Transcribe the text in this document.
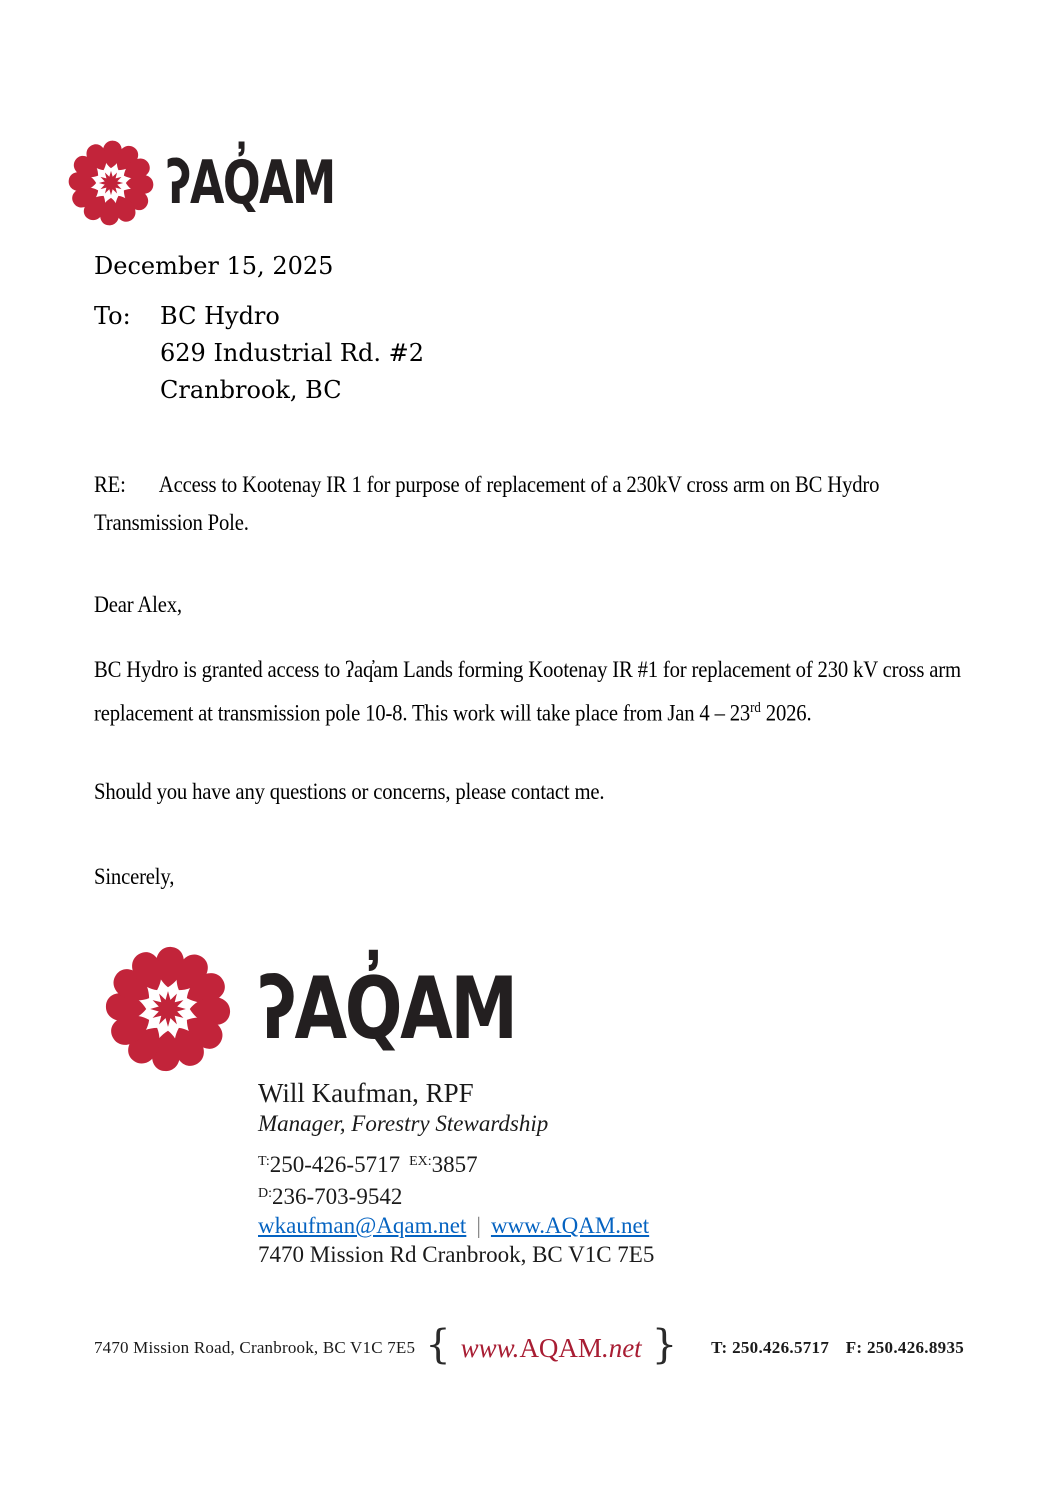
ʔAQ̓AM
December 15, 2025
To:	BC Hydro
629 Industrial Rd. #2
Cranbrook, BC
RE: Access to Kootenay IR 1 for purpose of replacement of a 230kV cross arm on BC Hydro Transmission Pole.
Dear Alex,
BC Hydro is granted access to ʔaq̓am Lands forming Kootenay IR #1 for replacement of 230 kV cross arm replacement at transmission pole 10-8. This work will take place from Jan 4 – 23rd 2026.
Should you have any questions or concerns, please contact me.
Sincerely,
ʔAQ̓AM
Will Kaufman, RPF
Manager, Forestry Stewardship
$^{T:}$250-426-5717 $^{EX:}$3857
$^{D:}$236-703-9542
wkaufman@Aqam.net | www.AQAM.net
7470 Mission Rd Cranbrook, BC V1C 7E5
7470 Mission Road, Cranbrook, BC V1C 7E5 { www.AQAM.net } T: 250.426.5717 F: 250.426.8935
